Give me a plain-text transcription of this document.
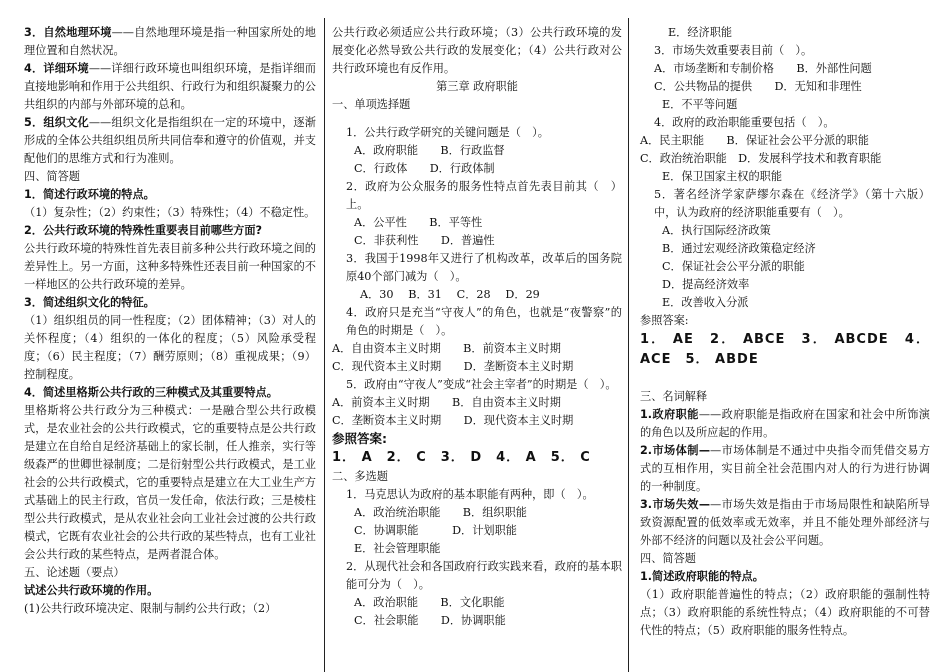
3．自然地理环境——自然地理环境是指一种国家所处的地理位置和自然状况。

4．详细环境——详细行政环境也叫组织环境，是指详细而直接地影响和作用于公共组织、行政行为和组织凝聚力的公共组织的内部与外部环境的总和。

5．组织文化——组织文化是指组织在一定的环境中，逐渐形成的全体公共组织组员所共同信奉和遵守的价值观，并支配他们的思维方式和行为准则。

四、简答题

1．简述行政环境的特点。

（1）复杂性；（2）约束性；（3）特殊性；（4）不稳定性。

2．公共行政环境的特殊性重要表目前哪些方面?

公共行政环境的特殊性首先表目前多种公共行政环境之间的差异性上。另一方面，这种多特殊性还表目前一种国家的不一样地区的公共行政环境的差异。

3．简述组织文化的特征。

（1）组织组员的同一性程度；（2）团体精神；（3）对人的关怀程度；（4）组织的一体化的程度；（5）风险承受程度；（6）民主程度；（7）酬劳原则；（8）重视成果；（9）控制程度。

4．简述里格斯公共行政的三种模式及其重要特点。

里格斯将公共行政分为三种模式：一是融合型公共行政模式，是农业社会的公共行政模式，它的重要特点是公共行政是建立在自给自足经济基础上的家长制，任人推亲，实行等级森严的世卿世禄制度；二是衍射型公共行政模式，是工业社会的公共行政模式，它的重要特点是建立在大工业生产方式基础上的民主行政，官员一发任命，依法行政；三是棱柱型公共行政模式，是从农业社会向工业社会过渡的公共行政模式，它既有农业社会的公共行政的某些特点，也有工业社会公共行政的某些特点，是两者混合体。

五、论述题（要点）

试述公共行政环境的作用。

(1)公共行政环境决定、限制与制约公共行政；（2）

公共行政必须适应公共行政环境；（3）公共行政环境的发展变化必然导致公共行政的发展变化；（4）公共行政对公共行政环境也有反作用。

第三章 政府职能

一、单项选择题

1．公共行政学研究的关键问题是（　）。

A．政府职能　　 B．行政监督

C．行政体　　 D．行政体制

2．政府为公众服务的服务性特点首先表目前其（　）上。

A．公平性　　 B．平等性

C．非获利性　　 D．普遍性

3．我国于1998年又进行了机构改革，改革后的国务院原40个部门减为（　）。

A．30　 B．31　 C．28　 D．29

4．政府只是充当“守夜人”的角色，也就是“夜警察”的角色的时期是（　）。

A．自由资本主义时期　　 B．前资本主义时期

C．现代资本主义时期　　 D．垄断资本主义时期

5．政府由“守夜人”变成“社会主宰者”的时期是（　）。

A．前资本主义时期　　 B．自由资本主义时期

C．垄断资本主义时期　　 D．现代资本主义时期

参照答案:

1． A　2． C　3． D　4． A　5． C

二、多选题

1．马克思认为政府的基本职能有两种，即（　）。

A．政治统治职能　　 B．组织职能

C．协调职能　　　	D．计划职能

E．社会管理职能

2．从现代社会和各国政府行政实践来看，政府的基本职能可分为（　）。

A．政治职能　　 B．文化职能

C．社会职能　　 D．协调职能

E．经济职能

3．市场失效重要表目前（　）。

A．市场垄断和专制价格　　 B．外部性问题

C．公共物品的提供　　 D．无知和非理性

E．不平等问题

4．政府的政治职能重要包括（　）。

A．民主职能　　 B．保证社会公平分派的职能

C．政治统治职能　 D．发展科学技术和教育职能

E．保卫国家主权的职能

5．著名经济学家萨缪尔森在《经济学》（第十六版）中，认为政府的经济职能重要有（　）。

A．执行国际经济政策

B．通过宏观经济政策稳定经济

C．保证社会公平分派的职能

D．提高经济效率

E．改善收入分派

参照答案:

1． AE　2． ABCE　3． ABCDE　4． ACE　5． ABDE

三、名词解释

1.政府职能——政府职能是指政府在国家和社会中所饰演的角色以及所应起的作用。

2.市场体制——市场体制是不通过中央指令而凭借交易方式的互相作用，实目前全社会范围内对人的行为进行协调的一种制度。

3.市场失效——市场失效是指由于市场局限性和缺陷所导致资源配置的低效率或无效率，并且不能处理外部经济与外部不经济的问题以及社会公平问题。

四、简答题

1.简述政府职能的特点。

（1）政府职能普遍性的特点；（2）政府职能的强制性特点；（3）政府职能的系统性特点；（4）政府职能的不可替代性的特点；（5）政府职能的服务性特点。
